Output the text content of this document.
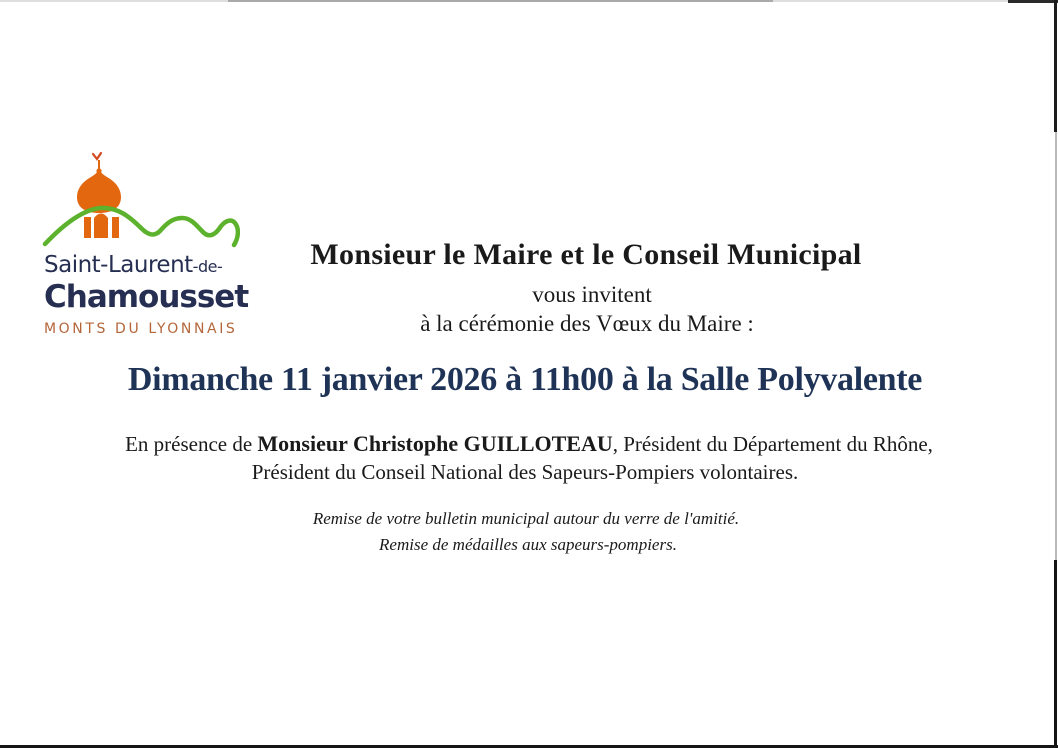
Saint-Laurent-de-
Chamousset
MONTS DU LYONNAIS
Monsieur le Maire et le Conseil Municipal
vous invitent
à la cérémonie des Vœux du Maire :
Dimanche 11 janvier 2026 à 11h00 à la Salle Polyvalente
En présence de Monsieur Christophe GUILLOTEAU, Président du Département du Rhône,
Président du Conseil National des Sapeurs-Pompiers volontaires.
Remise de votre bulletin municipal autour du verre de l'amitié.
Remise de médailles aux sapeurs-pompiers.
